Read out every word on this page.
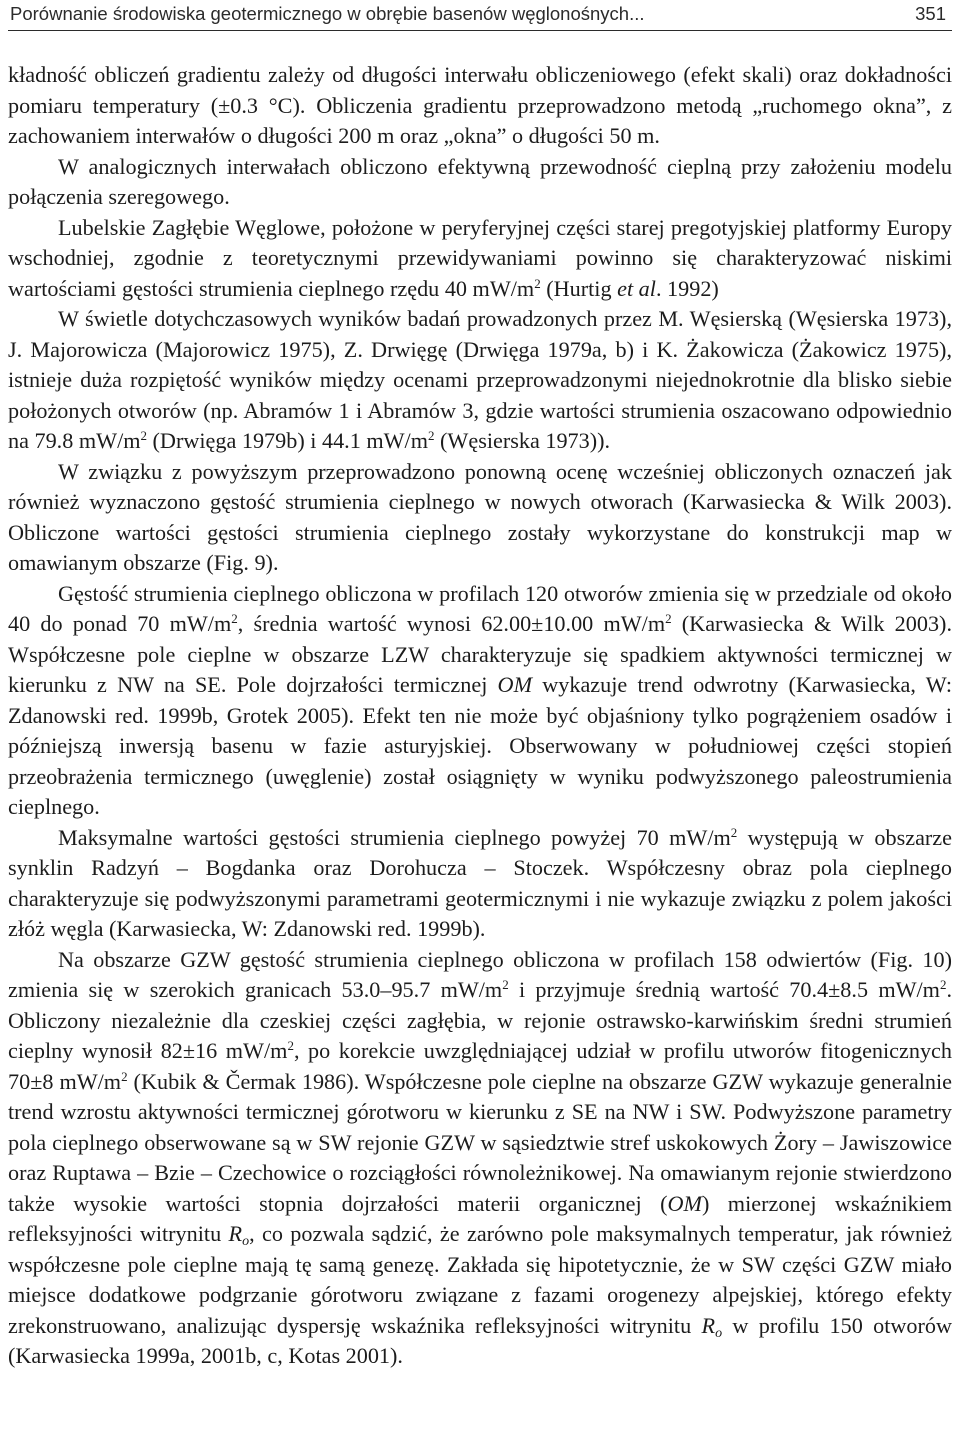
Porównanie środowiska geotermicznego w obrębie basenów węglonośnych...	351

kładność obliczeń gradientu zależy od długości interwału obliczeniowego (efekt skali) oraz dokładności pomiaru temperatury (±0.3 °C). Obliczenia gradientu przeprowadzono metodą „ruchomego okna”, z zachowaniem interwałów o długości 200 m oraz „okna” o długości 50 m.

W analogicznych interwałach obliczono efektywną przewodność cieplną przy założeniu modelu połączenia szeregowego.

Lubelskie Zagłębie Węglowe, położone w peryferyjnej części starej pregotyjskiej platformy Europy wschodniej, zgodnie z teoretycznymi przewidywaniami powinno się charakteryzować niskimi wartościami gęstości strumienia cieplnego rzędu 40 $mW/m^2$ (Hurtig et al. 1992)

W świetle dotychczasowych wyników badań prowadzonych przez M. Węsierską (Węsierska 1973), J. Majorowicza (Majorowicz 1975), Z. Drwięgę (Drwięga 1979a, b) i K. Żakowicza (Żakowicz 1975), istnieje duża rozpiętość wyników między ocenami przeprowadzonymi niejednokrotnie dla blisko siebie położonych otworów (np. Abramów 1 i Abramów 3, gdzie wartości strumienia oszacowano odpowiednio na 79.8 $mW/m^2$ (Drwięga 1979b) i 44.1 $mW/m^2$ (Węsierska 1973)).

W związku z powyższym przeprowadzono ponowną ocenę wcześniej obliczonych oznaczeń jak również wyznaczono gęstość strumienia cieplnego w nowych otworach (Karwasiecka & Wilk 2003). Obliczone wartości gęstości strumienia cieplnego zostały wykorzystane do konstrukcji map w omawianym obszarze (Fig. 9).

Gęstość strumienia cieplnego obliczona w profilach 120 otworów zmienia się w przedziale od około 40 do ponad 70 $mW/m^2$, średnia wartość wynosi 62.00±10.00 $mW/m^2$ (Karwasiecka & Wilk 2003). Współczesne pole cieplne w obszarze LZW charakteryzuje się spadkiem aktywności termicznej w kierunku z NW na SE. Pole dojrzałości termicznej OM wykazuje trend odwrotny (Karwasiecka, W: Zdanowski red. 1999b, Grotek 2005). Efekt ten nie może być objaśniony tylko pogrążeniem osadów i późniejszą inwersją basenu w fazie asturyjskiej. Obserwowany w południowej części stopień przeobrażenia termicznego (uwęglenie) został osiągnięty w wyniku podwyższonego paleostrumienia cieplnego.

Maksymalne wartości gęstości strumienia cieplnego powyżej 70 $mW/m^2$ występują w obszarze synklin Radzyń – Bogdanka oraz Dorohucza – Stoczek. Współczesny obraz pola cieplnego charakteryzuje się podwyższonymi parametrami geotermicznymi i nie wykazuje związku z polem jakości złóż węgla (Karwasiecka, W: Zdanowski red. 1999b).

Na obszarze GZW gęstość strumienia cieplnego obliczona w profilach 158 odwiertów (Fig. 10) zmienia się w szerokich granicach 53.0–95.7 $mW/m^2$ i przyjmuje średnią wartość 70.4±8.5 $mW/m^2$. Obliczony niezależnie dla czeskiej części zagłębia, w rejonie ostrawsko-karwińskim średni strumień cieplny wynosił 82±16 $mW/m^2$, po korekcie uwzględniającej udział w profilu utworów fitogenicznych 70±8 $mW/m^2$ (Kubik & Čermak 1986). Współczesne pole cieplne na obszarze GZW wykazuje generalnie trend wzrostu aktywności termicznej górotworu w kierunku z SE na NW i SW. Podwyższone parametry pola cieplnego obserwowane są w SW rejonie GZW w sąsiedztwie stref uskokowych Żory – Jawiszowice oraz Ruptawa – Bzie – Czechowice o rozciągłości równoleżnikowej. Na omawianym rejonie stwierdzono także wysokie wartości stopnia dojrzałości materii organicznej (OM) mierzonej wskaźnikiem refleksyjności witrynitu $R_o$, co pozwala sądzić, że zarówno pole maksymalnych temperatur, jak również współczesne pole cieplne mają tę samą genezę. Zakłada się hipotetycznie, że w SW części GZW miało miejsce dodatkowe podgrzanie górotworu związane z fazami orogenezy alpejskiej, którego efekty zrekonstruowano, analizując dyspersję wskaźnika refleksyjności witrynitu $R_o$ w profilu 150 otworów (Karwasiecka 1999a, 2001b, c, Kotas 2001).
